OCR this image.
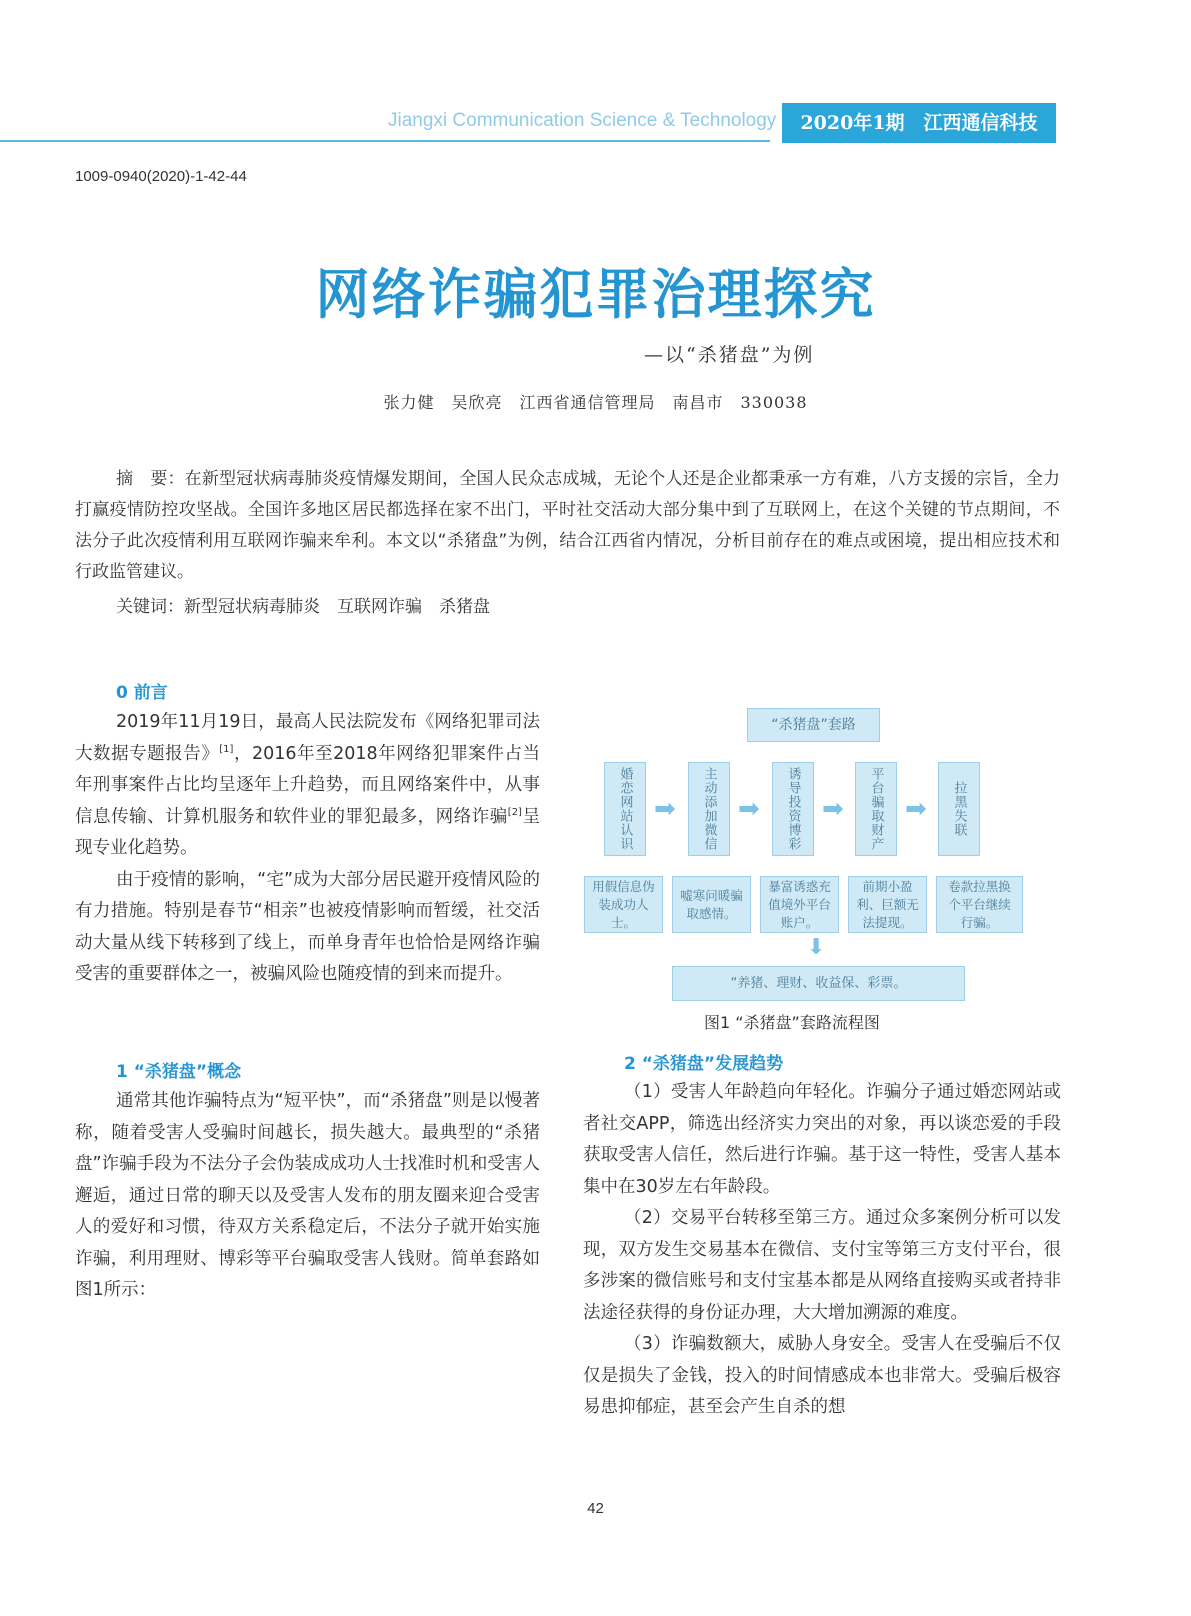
Jiangxi Communication Science & Technology	2020年1期　江西通信科技
1009-0940(2020)-1-42-44
网络诈骗犯罪治理探究
—以“杀猪盘”为例
张力健　吴欣亮　江西省通信管理局　南昌市　330038
摘　要：在新型冠状病毒肺炎疫情爆发期间，全国人民众志成城，无论个人还是企业都秉承一方有难，八方支援的宗旨，全力打赢疫情防控攻坚战。全国许多地区居民都选择在家不出门，平时社交活动大部分集中到了互联网上，在这个关键的节点期间，不法分子此次疫情利用互联网诈骗来牟利。本文以“杀猪盘”为例，结合江西省内情况，分析目前存在的难点或困境，提出相应技术和行政监管建议。
关键词：新型冠状病毒肺炎　互联网诈骗　杀猪盘
0 前言

2019年11月19日，最高人民法院发布《网络犯罪司法大数据专题报告》[1]，2016年至2018年网络犯罪案件占当年刑事案件占比均呈逐年上升趋势，而且网络案件中，从事信息传输、计算机服务和软件业的罪犯最多，网络诈骗[2]呈现专业化趋势。

由于疫情的影响，“宅”成为大部分居民避开疫情风险的有力措施。特别是春节“相亲”也被疫情影响而暂缓，社交活动大量从线下转移到了线上，而单身青年也恰恰是网络诈骗受害的重要群体之一，被骗风险也随疫情的到来而提升。

1 “杀猪盘”概念

通常其他诈骗特点为“短平快”，而“杀猪盘”则是以慢著称，随着受害人受骗时间越长，损失越大。最典型的“杀猪盘”诈骗手段为不法分子会伪装成成功人士找准时机和受害人邂逅，通过日常的聊天以及受害人发布的朋友圈来迎合受害人的爱好和习惯，待双方关系稳定后，不法分子就开始实施诈骗，利用理财、博彩等平台骗取受害人钱财。简单套路如图1所示：

“杀猪盘”套路
婚恋网站认识	主动添加微信	诱导投资博彩	平台骗取财产	拉黑失联
➡ ➡ ➡ ➡
用假信息伪装成功人士。
嘘寒问暖骗取感情。
暴富诱惑充值境外平台账户。
前期小盈利、巨额无法提现。
卷款拉黑换个平台继续行骗。
⬇
“养猪、理财、收益保、彩票。
图1 “杀猪盘”套路流程图
2 “杀猪盘”发展趋势

（1）受害人年龄趋向年轻化。诈骗分子通过婚恋网站或者社交APP，筛选出经济实力突出的对象，再以谈恋爱的手段获取受害人信任，然后进行诈骗。基于这一特性，受害人基本集中在30岁左右年龄段。

（2）交易平台转移至第三方。通过众多案例分析可以发现，双方发生交易基本在微信、支付宝等第三方支付平台，很多涉案的微信账号和支付宝基本都是从网络直接购买或者持非法途径获得的身份证办理，大大增加溯源的难度。

（3）诈骗数额大，威胁人身安全。受害人在受骗后不仅仅是损失了金钱，投入的时间情感成本也非常大。受骗后极容易患抑郁症，甚至会产生自杀的想

42
